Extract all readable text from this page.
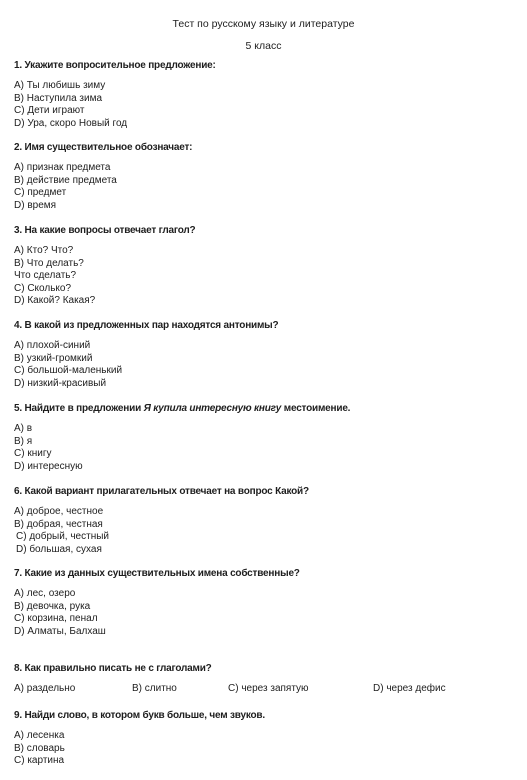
Тест по русскому языку и литературе
5 класс
1. Укажите вопросительное предложение:
A) Ты любишь зиму
B) Наступила зима
C) Дети играют
D) Ура, скоро Новый год
2. Имя существительное обозначает:
A) признак предмета
B) действие предмета
C) предмет
D) время
3. На какие вопросы отвечает глагол?
A) Кто? Что?
B) Что делать?
Что сделать?
C) Сколько?
D) Какой? Какая?
4. В какой из предложенных пар находятся антонимы?
A) плохой-синий
B) узкий-громкий
C) большой-маленький
D) низкий-красивый
5. Найдите в предложении Я купила интересную книгу местоимение.
A) в
B) я
C) книгу
D) интересную
6. Какой вариант прилагательных отвечает на вопрос Какой?
A) доброе, честное
B) добрая, честная
C) добрый, честный
D) большая, сухая
7. Какие из данных существительных имена собственные?
A) лес, озеро
B) девочка, рука
C) корзина, пенал
D) Алматы, Балхаш
8. Как правильно писать не с глаголами?
A) раздельно	B) слитно	C) через запятую	D) через дефис
9. Найди слово, в котором букв больше, чем звуков.
A) лесенка
B) словарь
C) картина
